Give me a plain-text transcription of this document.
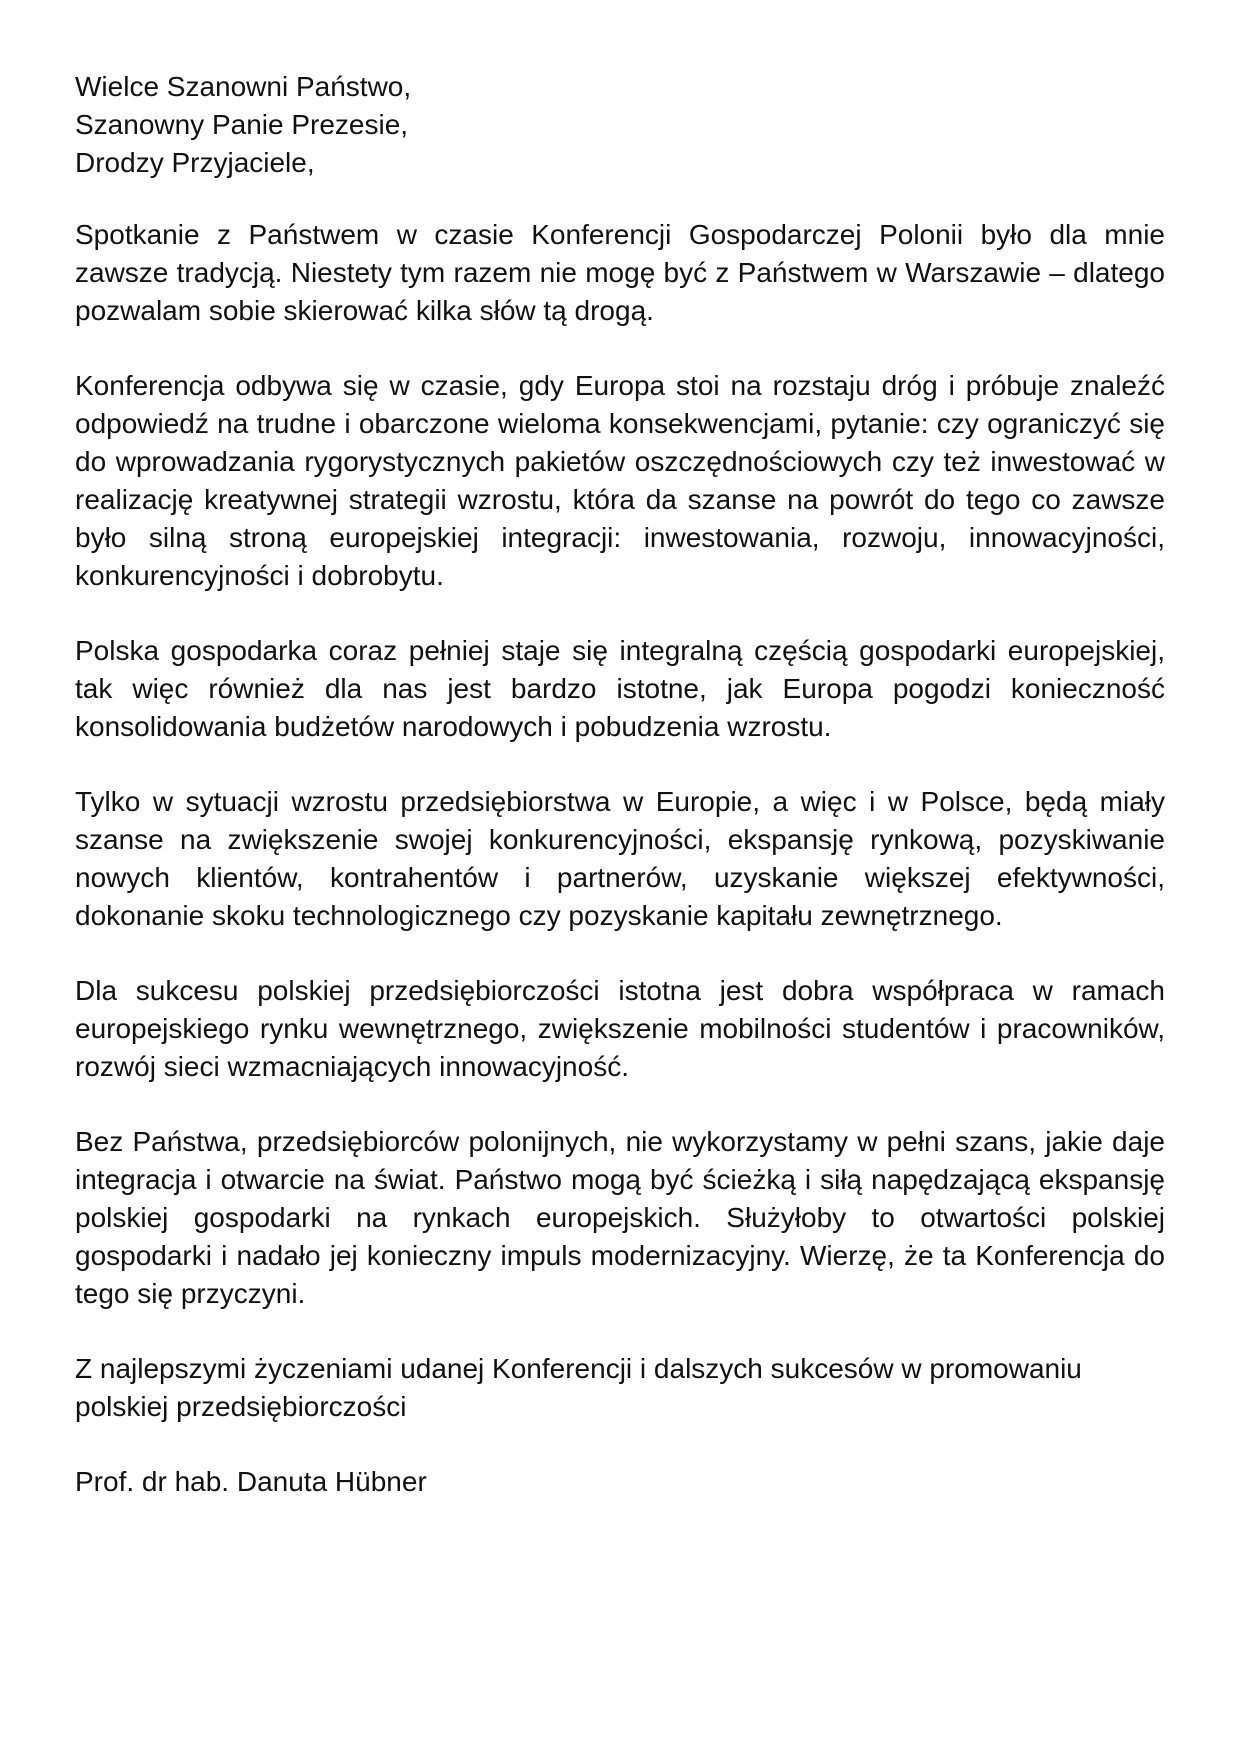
Wielce Szanowni Państwo,
Szanowny Panie Prezesie,
Drodzy Przyjaciele,

Spotkanie z Państwem w czasie Konferencji Gospodarczej Polonii było dla mnie zawsze tradycją. Niestety tym razem nie mogę być z Państwem w Warszawie – dlatego pozwalam sobie skierować kilka słów tą drogą.

Konferencja odbywa się w czasie, gdy Europa stoi na rozstaju dróg i próbuje znaleźć odpowiedź na trudne i obarczone wieloma konsekwencjami, pytanie: czy ograniczyć się do wprowadzania rygorystycznych pakietów oszczędnościowych czy też inwestować w realizację kreatywnej strategii wzrostu, która da szanse na powrót do tego co zawsze było silną stroną europejskiej integracji: inwestowania, rozwoju, innowacyjności, konkurencyjności i dobrobytu.

Polska gospodarka coraz pełniej staje się integralną częścią gospodarki europejskiej, tak więc również dla nas jest bardzo istotne, jak Europa pogodzi konieczność konsolidowania budżetów narodowych i pobudzenia wzrostu.

Tylko w sytuacji wzrostu przedsiębiorstwa w Europie, a więc i w Polsce, będą miały szanse na zwiększenie swojej konkurencyjności, ekspansję rynkową, pozyskiwanie nowych klientów, kontrahentów i partnerów, uzyskanie większej efektywności, dokonanie skoku technologicznego czy pozyskanie kapitału zewnętrznego.

Dla sukcesu polskiej przedsiębiorczości istotna jest dobra współpraca w ramach europejskiego rynku wewnętrznego, zwiększenie mobilności studentów i pracowników, rozwój sieci wzmacniających innowacyjność.

Bez Państwa, przedsiębiorców polonijnych, nie wykorzystamy w pełni szans, jakie daje integracja i otwarcie na świat. Państwo mogą być ścieżką i siłą napędzającą ekspansję polskiej gospodarki na rynkach europejskich. Służyłoby to otwartości polskiej gospodarki i nadało jej konieczny impuls modernizacyjny. Wierzę, że ta Konferencja do tego się przyczyni.

Z najlepszymi życzeniami udanej Konferencji i dalszych sukcesów w promowaniu polskiej przedsiębiorczości

Prof. dr hab. Danuta Hübner
